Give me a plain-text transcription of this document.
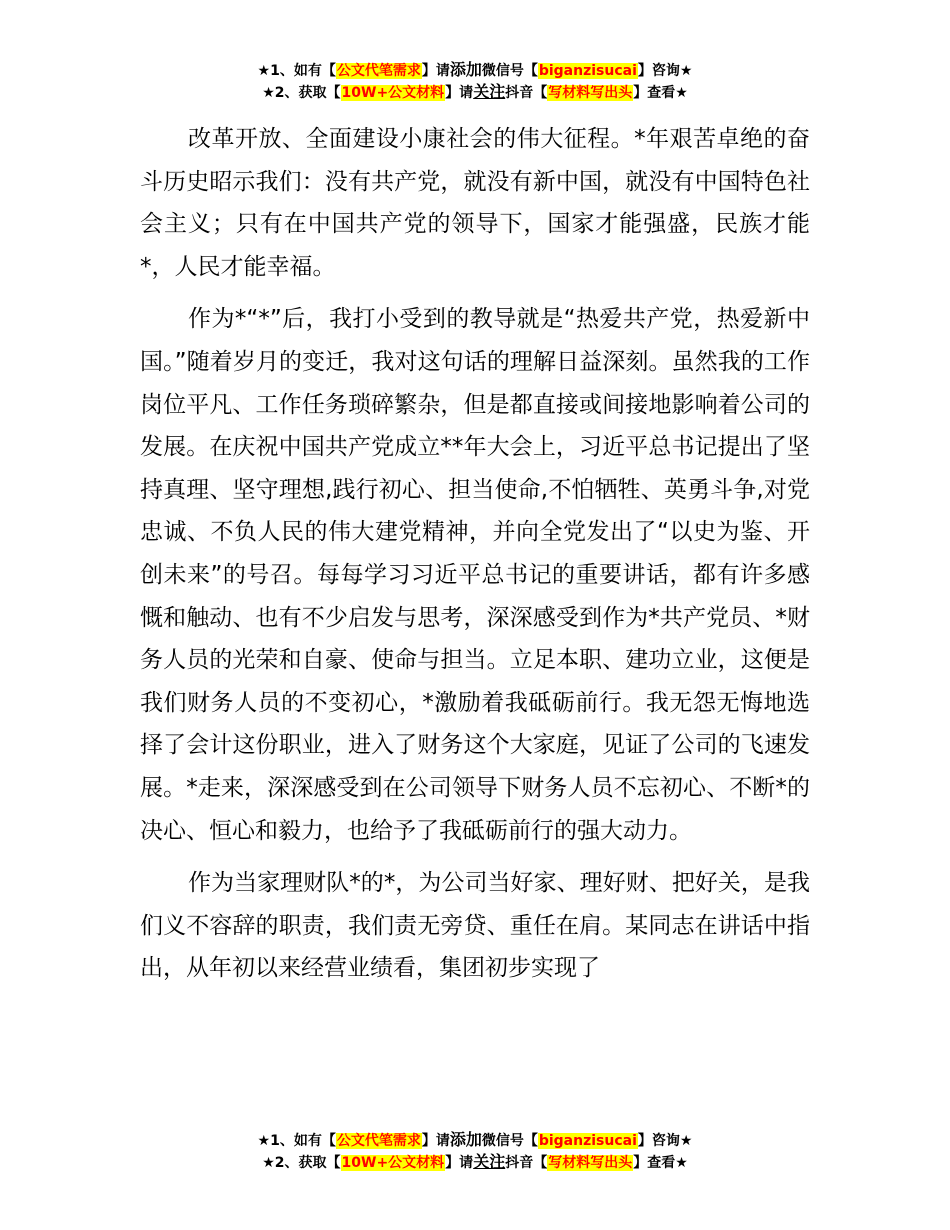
★1、如有【公文代笔需求】请添加微信号【biganzisucai】咨询★
★2、获取【10W+公文材料】请关注抖音【写材料写出头】查看★

改革开放、全面建设小康社会的伟大征程。*年艰苦卓绝的奋斗历史昭示我们：没有共产党，就没有新中国，就没有中国特色社会主义；只有在中国共产党的领导下，国家才能强盛，民族才能*，人民才能幸福。

作为*“*”后，我打小受到的教导就是“热爱共产党，热爱新中国。”随着岁月的变迁，我对这句话的理解日益深刻。虽然我的工作岗位平凡、工作任务琐碎繁杂，但是都直接或间接地影响着公司的发展。在庆祝中国共产党成立**年大会上，习近平总书记提出了坚持真理、坚守理想,践行初心、担当使命,不怕牺牲、英勇斗争,对党忠诚、不负人民的伟大建党精神，并向全党发出了“以史为鉴、开创未来”的号召。每每学习习近平总书记的重要讲话，都有许多感慨和触动、也有不少启发与思考，深深感受到作为*共产党员、*财务人员的光荣和自豪、使命与担当。立足本职、建功立业，这便是我们财务人员的不变初心，*激励着我砥砺前行。我无怨无悔地选择了会计这份职业，进入了财务这个大家庭，见证了公司的飞速发展。*走来，深深感受到在公司领导下财务人员不忘初心、不断*的决心、恒心和毅力，也给予了我砥砺前行的强大动力。

作为当家理财队*的*，为公司当好家、理好财、把好关，是我们义不容辞的职责，我们责无旁贷、重任在肩。某同志在讲话中指出，从年初以来经营业绩看，集团初步实现了

★1、如有【公文代笔需求】请添加微信号【biganzisucai】咨询★
★2、获取【10W+公文材料】请关注抖音【写材料写出头】查看★
